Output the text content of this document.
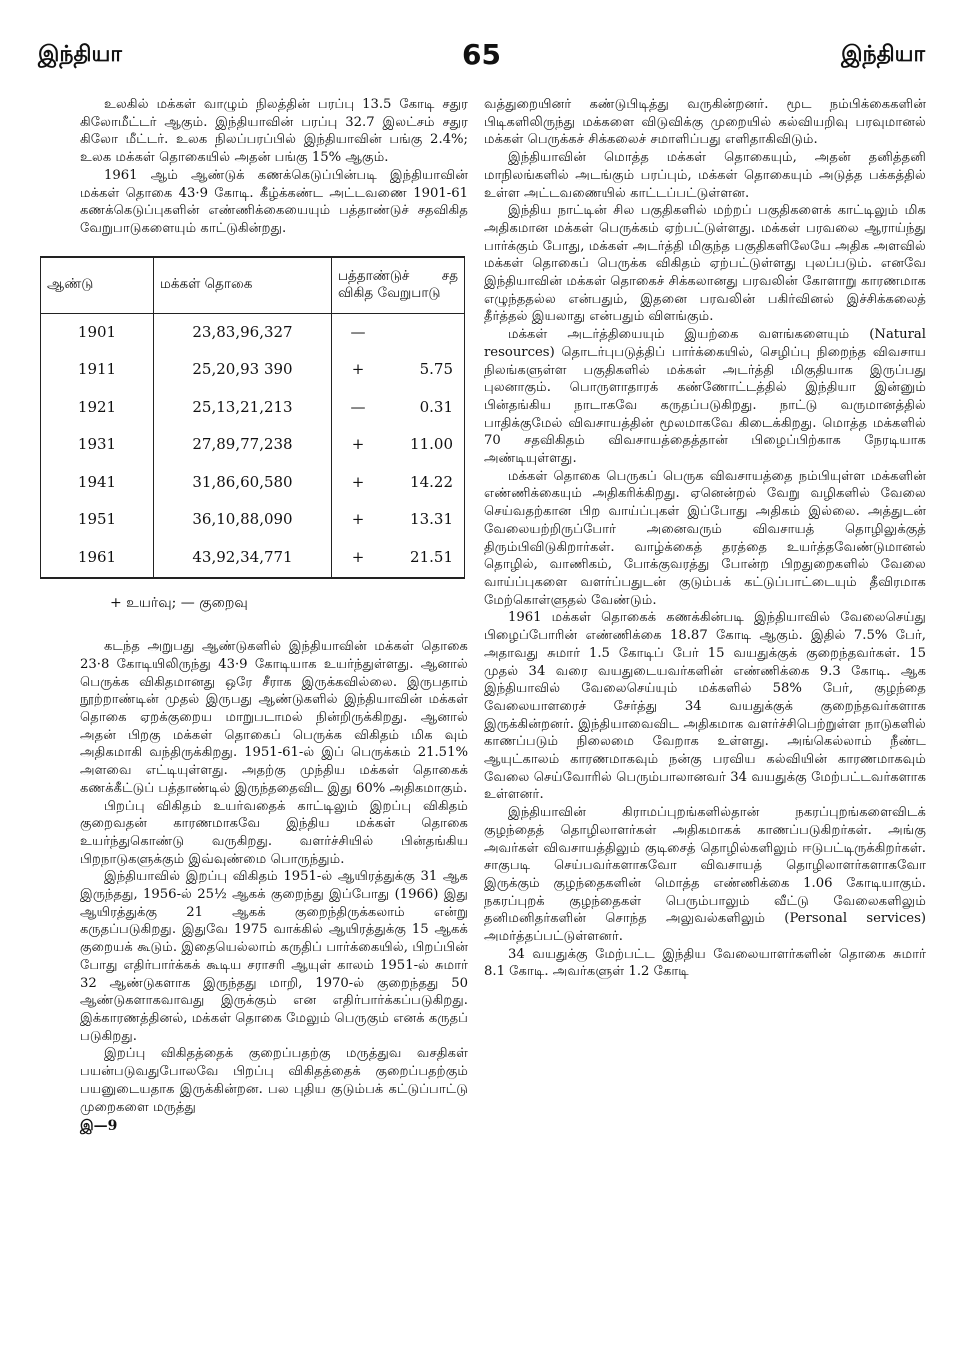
இந்தியா	65	இந்தியா

உலகில் மக்கள் வாழும் நிலத்தின் பரப்பு 13.5 கோடி சதுர கிலோமீட்டர் ஆகும். இந்தியாவின் பரப்பு 32.7 இலட்சம் சதுர கிலோ மீட்டர். உலக நிலப்பரப்பில் இந்தியாவின் பங்கு 2.4%; உலக மக்கள் தொகையில் அதன் பங்கு 15% ஆகும்.

1961 ஆம் ஆண்டுக் கணக்கெடுப்பின்படி இந்தியாவின் மக்கள் தொகை 43·9 கோடி. கீழ்க்கண்ட அட்டவணை 1901-61 கணக்கெடுப்புகளின் எண்ணிக்கையையும் பத்தாண்டுச் சதவிகித வேறுபாடுகளையும் காட்டுகின்றது.

ஆண்டு	மக்கள் தொகை	பத்தாண்டுச் சத விகித வேறுபாடு
1901	23,83,96,327	—
1911	25,20,93 390	+ 5.75
1921	25,13,21,213	— 0.31
1931	27,89,77,238	+ 11.00
1941	31,86,60,580	+ 14.22
1951	36,10,88,090	+ 13.31
1961	43,92,34,771	+ 21.51
+ உயர்வு; — குறைவு

கடந்த அறுபது ஆண்டுகளில் இந்தியாவின் மக்கள் தொகை 23·8 கோடியிலிருந்து 43·9 கோடியாக உயர்ந்துள்ளது. ஆனால் பெருக்க விகிதமானது ஒரே சீராக இருக்கவில்லை. இருபதாம் நூற்றாண்டின் முதல் இருபது ஆண்டுகளில் இந்தியாவின் மக்கள் தொகை ஏறக்குறைய மாறுபடாமல் நின்றிருக்கிறது. ஆனால் அதன் பிறகு மக்கள் தொகைப் பெருக்க விகிதம் மிக வும் அதிகமாகி வந்திருக்கிறது. 1951-61-ல் இப் பெருக்கம் 21.51% அளவை எட்டியுள்ளது. அதற்கு முந்திய மக்கள் தொகைக் கணக்கீட்டுப் பத்தாண்டில் இருந்ததைவிட இது 60% அதிகமாகும்.

பிறப்பு விகிதம் உயர்வதைக் காட்டிலும் இறப்பு விகிதம் குறைவதன் காரணமாகவே இந்திய மக்கள் தொகை உயர்ந்துகொண்டு வருகிறது. வளர்ச்சியில் பின்தங்கிய பிறநாடுகளுக்கும் இவ்வுண்மை பொருந்தும்.

இந்தியாவில் இறப்பு விகிதம் 1951-ல் ஆயிரத்துக்கு 31 ஆக இருந்தது, 1956-ல் 25½ ஆகக் குறைந்து இப்போது (1966) இது ஆயிரத்துக்கு 21 ஆகக் குறைந்திருக்கலாம் என்று கருதப்படுகிறது. இதுவே 1975 வாக்கில் ஆயிரத்துக்கு 15 ஆகக் குறையக் கூடும். இதையெல்லாம் கருதிப் பார்க்கையில், பிறப்பின் போது எதிர்பார்க்கக் கூடிய சராசரி ஆயுள் காலம் 1951-ல் சுமார் 32 ஆண்டுகளாக இருந்தது மாறி, 1970-ல் குறைந்தது 50 ஆண்டுகளாகவாவது இருக்கும் என எதிர்பார்க்கப்படுகிறது. இக்காரணத்தினல், மக்கள் தொகை மேலும் பெருகும் எனக் கருதப் படுகிறது.

இறப்பு விகிதத்தைக் குறைப்பதற்கு மருத்துவ வசதிகள் பயன்படுவதுபோலவே பிறப்பு விகிதத்தைக் குறைப்பதற்கும் பயனுடையதாக இருக்கின்றன. பல புதிய குடும்பக் கட்டுப்பாட்டு முறைகளை மருத்து

இ—9

வத்துறையினர் கண்டுபிடித்து வருகின்றனர். மூட நம்பிக்கைகளின் பிடிகளிலிருந்து மக்களை விடுவிக்கு முறையில் கல்வியறிவு பரவுமானல் மக்கள் பெருக்கச் சிக்கலைச் சமாளிப்பது எளிதாகிவிடும்.

இந்தியாவின் மொத்த மக்கள் தொகையும், அதன் தனித்தனி மாநிலங்களில் அடங்கும் பரப்பும், மக்கள் தொகையும் அடுத்த பக்கத்தில் உள்ள அட்டவணையில் காட்டப்பட்டுள்ளன.

இந்திய நாட்டின் சில பகுதிகளில் மற்றப் பகுதிகளைக் காட்டிலும் மிக அதிகமான மக்கள் பெருக்கம் ஏற்பட்டுள்ளது. மக்கள் பரவலை ஆராய்ந்து பார்க்கும் போது, மக்கள் அடர்த்தி மிகுந்த பகுதிகளிலேயே அதிக அளவில் மக்கள் தொகைப் பெருக்க விகிதம் ஏற்பட்டுள்ளது புலப்படும். எனவே இந்தியாவின் மக்கள் தொகைச் சிக்கலானது பரவலின் கோளாறு காரணமாக எழுந்ததல்ல என்பதும், இதனை பரவலின் பகிர்வினல் இச்சிக்கலைத் தீர்த்தல் இயலாது என்பதும் விளங்கும்.

மக்கள் அடர்த்தியையும் இயற்கை வளங்களையும் (Natural resources) தொடர்புபடுத்திப் பார்க்கையில், செழிப்பு நிறைந்த விவசாய நிலங்களுள்ள பகுதிகளில் மக்கள் அடர்த்தி மிகுதியாக இருப்பது புலனாகும். பொருளாதாரக் கண்ணோட்டத்தில் இந்தியா இன்னும் பின்தங்கிய நாடாகவே கருதப்படுகிறது. நாட்டு வருமானத்தில் பாதிக்குமேல் விவசாயத்தின் மூலமாகவே கிடைக்கிறது. மொத்த மக்களில் 70 சதவிகிதம் விவசாயத்தைத்தான் பிழைப்பிற்காக நேரடியாக அண்டியுள்ளது.

மக்கள் தொகை பெருகப் பெருக விவசாயத்தை நம்பியுள்ள மக்களின் எண்ணிக்கையும் அதிகரிக்கிறது. ஏனென்றல் வேறு வழிகளில் வேலை செய்வதற்கான பிற வாய்ப்புகள் இப்போது அதிகம் இல்லை. அத்துடன் வேலையற்றிருப்போர் அனைவரும் விவசாயத் தொழிலுக்குத் திரும்பிவிடுகிறார்கள். வாழ்க்கைத் தரத்தை உயர்த்தவேண்டுமானல் தொழில், வாணிகம், போக்குவரத்து போன்ற பிறதுறைகளில் வேலை வாய்ப்புகளை வளர்ப்பதுடன் குடும்பக் கட்டுப்பாட்டையும் தீவிரமாக மேற்கொள்ளுதல் வேண்டும்.

1961 மக்கள் தொகைக் கணக்கின்படி இந்தியாவில் வேலைசெய்து பிழைப்போரின் எண்ணிக்கை 18.87 கோடி ஆகும். இதில் 7.5% பேர், அதாவது சுமார் 1.5 கோடிப் பேர் 15 வயதுக்குக் குறைந்தவர்கள். 15 முதல் 34 வரை வயதுடையவர்களின் எண்ணிக்கை 9.3 கோடி. ஆக இந்தியாவில் வேலைசெய்யும் மக்களில் 58% பேர், குழந்தை வேலையாளரைச் சேர்த்து 34 வயதுக்குக் குறைந்தவர்களாக இருக்கின்றனர். இந்தியாவைவிட அதிகமாக வளர்ச்சிபெற்றுள்ள நாடுகளில் காணப்படும் நிலைமை வேறாக உள்ளது. அங்கெல்லாம் நீண்ட ஆயுட்காலம் காரணமாகவும் நன்கு பரவிய கல்வியின் காரணமாகவும் வேலை செய்வோரில் பெரும்பாலானவர் 34 வயதுக்கு மேற்பட்டவர்களாக உள்ளனர்.

இந்தியாவின் கிராமப்புறங்களில்தான் நகரப்புறங்களைவிடக் குழந்தைத் தொழிலாளர்கள் அதிகமாகக் காணப்படுகிறர்கள். அங்கு அவர்கள் விவசாயத்திலும் குடிசைத் தொழில்களிலும் ஈடுபட்டிருக்கிறர்கள். சாகுபடி செய்பவர்களாகவோ விவசாயத் தொழிலாளர்களாகவோ இருக்கும் குழந்தைகளின் மொத்த எண்ணிக்கை 1.06 கோடியாகும். நகரப்புறக் குழந்தைகள் பெரும்பாலும் வீட்டு வேலைகளிலும் தனிமனிதர்களின் சொந்த அலுவல்களிலும் (Personal services) அமர்த்தப்பட்டுள்ளனர்.

34 வயதுக்கு மேற்பட்ட இந்திய வேலையாளர்களின் தொகை சுமார் 8.1 கோடி. அவர்களுள் 1.2 கோடி
